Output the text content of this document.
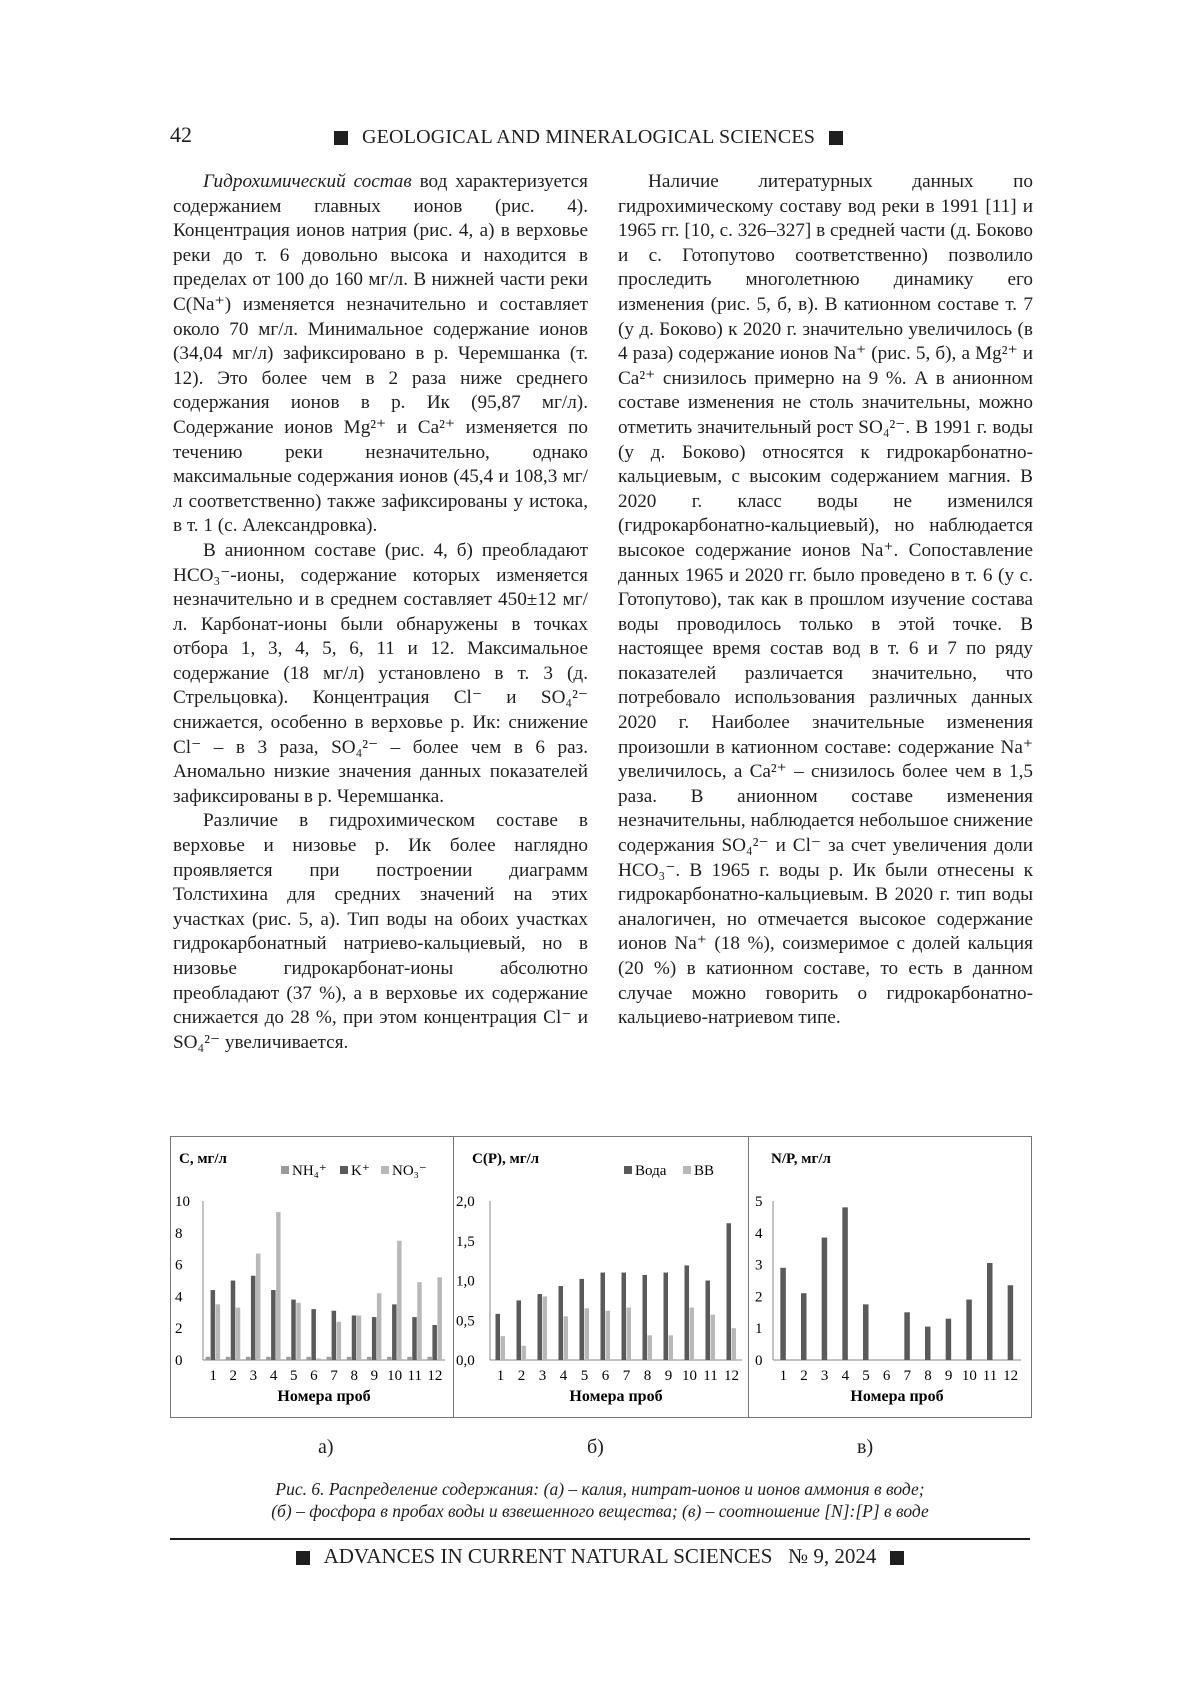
42	GEOLOGICAL AND MINERALOGICAL SCIENCES

Гидрохимический состав вод характеризуется содержанием главных ионов (рис. 4). Концентрация ионов натрия (рис. 4, а) в верховье реки до т. 6 довольно высока и находится в пределах от 100 до 160 мг/л. В нижней части реки C(Na⁺) изменяется незначительно и составляет около 70 мг/л. Минимальное содержание ионов (34,04 мг/л) зафиксировано в р. Черемшанка (т. 12). Это более чем в 2 раза ниже среднего содержания ионов в р. Ик (95,87 мг/л). Содержание ионов Mg²⁺ и Ca²⁺ изменяется по течению реки незначительно, однако максимальные содержания ионов (45,4 и 108,3 мг/л соответственно) также зафиксированы у истока, в т. 1 (с. Александровка).

В анионном составе (рис. 4, б) преобладают HCO₃⁻-ионы, содержание которых изменяется незначительно и в среднем составляет 450±12 мг/л. Карбонат-ионы были обнаружены в точках отбора 1, 3, 4, 5, 6, 11 и 12. Максимальное содержание (18 мг/л) установлено в т. 3 (д. Стрельцовка). Концентрация Cl⁻ и SO₄²⁻ снижается, особенно в верховье р. Ик: снижение Cl⁻ – в 3 раза, SO₄²⁻ – более чем в 6 раз. Аномально низкие значения данных показателей зафиксированы в р. Черемшанка.

Различие в гидрохимическом составе в верховье и низовье р. Ик более наглядно проявляется при построении диаграмм Толстихина для средних значений на этих участках (рис. 5, а). Тип воды на обоих участках гидрокарбонатный натриево-кальциевый, но в низовье гидрокарбонат-ионы абсолютно преобладают (37 %), а в верховье их содержание снижается до 28 %, при этом концентрация Cl⁻ и SO₄²⁻ увеличивается.

Наличие литературных данных по гидрохимическому составу вод реки в 1991 [11] и 1965 гг. [10, с. 326–327] в средней части (д. Боково и с. Готопутово соответственно) позволило проследить многолетнюю динамику его изменения (рис. 5, б, в). В катионном составе т. 7 (у д. Боково) к 2020 г. значительно увеличилось (в 4 раза) содержание ионов Na⁺ (рис. 5, б), а Mg²⁺ и Ca²⁺ снизилось примерно на 9 %. А в анионном составе изменения не столь значительны, можно отметить значительный рост SO₄²⁻. В 1991 г. воды (у д. Боково) относятся к гидрокарбонатно-кальциевым, с высоким содержанием магния. В 2020 г. класс воды не изменился (гидрокарбонатно-кальциевый), но наблюдается высокое содержание ионов Na⁺. Сопоставление данных 1965 и 2020 гг. было проведено в т. 6 (у с. Готопутово), так как в прошлом изучение состава воды проводилось только в этой точке. В настоящее время состав вод в т. 6 и 7 по ряду показателей различается значительно, что потребовало использования различных данных 2020 г. Наиболее значительные изменения произошли в катионном составе: содержание Na⁺ увеличилось, а Ca²⁺ – снизилось более чем в 1,5 раза. В анионном составе изменения незначительны, наблюдается небольшое снижение содержания SO₄²⁻ и Cl⁻ за счет увеличения доли HCO₃⁻. В 1965 г. воды р. Ик были отнесены к гидрокарбонатно-кальциевым. В 2020 г. тип воды аналогичен, но отмечается высокое содержание ионов Na⁺ (18 %), соизмеримое с долей кальция (20 %) в катионном составе, то есть в данном случае можно говорить о гидрокарбонатно-кальциево-натриевом типе.

С, мг/л
0
2
4
6
8
10
1 2 3 4 5 6 7 8 9 10 11 12
Номера проб
NH₄⁺ K⁺ NO₃⁻
С(Р), мг/л
0,0
0,5
1,0
1,5
2,0
1 2 3 4 5 6 7 8 9 10 11 12
Номера проб
Вода ВВ
N/P, мг/л
0
1
2
3
4
5
1 2 3 4 5 6 7 8 9 10 11 12
Номера проб
а)	б)	в)
Рис. 6. Распределение содержания: (а) – калия, нитрат-ионов и ионов аммония в воде;
(б) – фосфора в пробах воды и взвешенного вещества; (в) – соотношение [N]:[P] в воде
ADVANCES IN CURRENT NATURAL SCIENCES № 9, 2024
